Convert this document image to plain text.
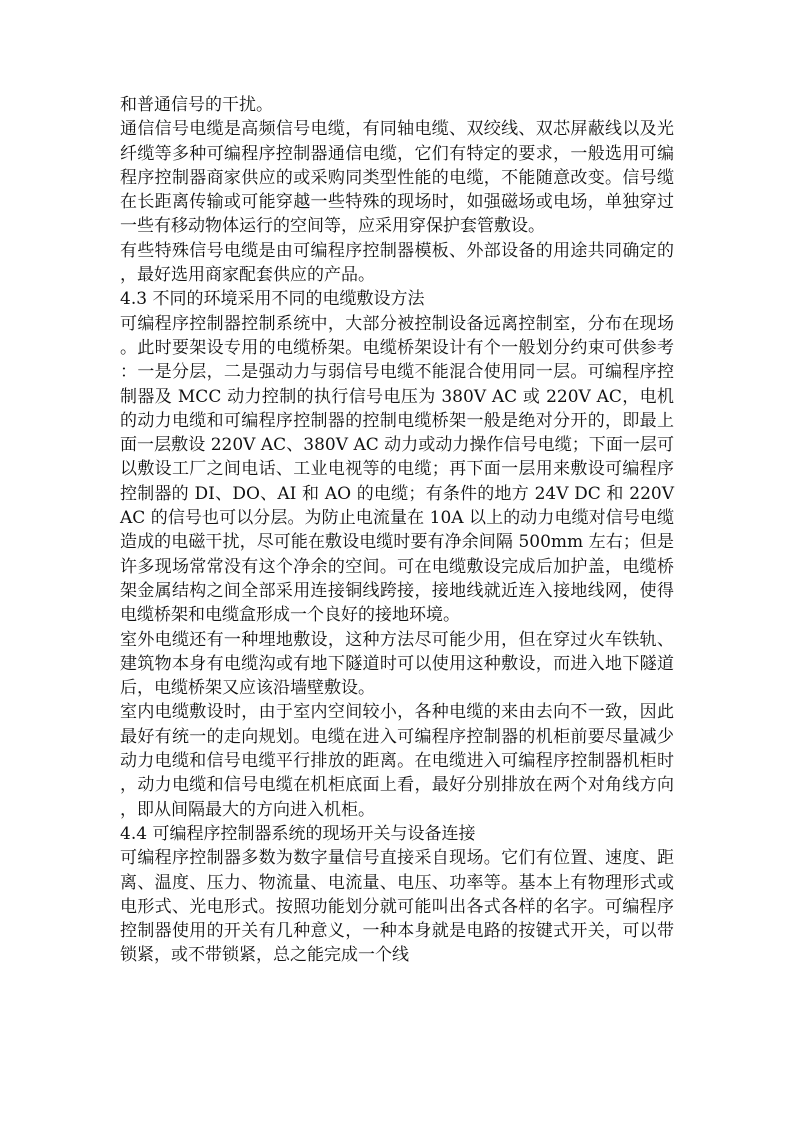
和普通信号的干扰。

通信信号电缆是高频信号电缆，有同轴电缆、双绞线、双芯屏蔽线以及光纤缆等多种可编程序控制器通信电缆，它们有特定的要求，一般选用可编程序控制器商家供应的或采购同类型性能的电缆，不能随意改变。信号缆在长距离传输或可能穿越一些特殊的现场时，如强磁场或电场，单独穿过一些有移动物体运行的空间等，应采用穿保护套管敷设。

有些特殊信号电缆是由可编程序控制器模板、外部设备的用途共同确定的，最好选用商家配套供应的产品。

4.3 不同的环境采用不同的电缆敷设方法

可编程序控制器控制系统中，大部分被控制设备远离控制室，分布在现场。此时要架设专用的电缆桥架。电缆桥架设计有个一般划分约束可供参考：一是分层，二是强动力与弱信号电缆不能混合使用同一层。可编程序控制器及 MCC 动力控制的执行信号电压为 380V AC 或 220V AC，电机的动力电缆和可编程序控制器的控制电缆桥架一般是绝对分开的，即最上面一层敷设 220V AC、380V AC 动力或动力操作信号电缆；下面一层可以敷设工厂之间电话、工业电视等的电缆；再下面一层用来敷设可编程序控制器的 DI、DO、AI 和 AO 的电缆；有条件的地方 24V DC 和 220VAC 的信号也可以分层。为防止电流量在 10A 以上的动力电缆对信号电缆造成的电磁干扰，尽可能在敷设电缆时要有净余间隔 500mm 左右；但是许多现场常常没有这个净余的空间。可在电缆敷设完成后加护盖，电缆桥架金属结构之间全部采用连接铜线跨接，接地线就近连入接地线网，使得电缆桥架和电缆盒形成一个良好的接地环境。

室外电缆还有一种埋地敷设，这种方法尽可能少用，但在穿过火车铁轨、建筑物本身有电缆沟或有地下隧道时可以使用这种敷设，而进入地下隧道后，电缆桥架又应该沿墙壁敷设。

室内电缆敷设时，由于室内空间较小，各种电缆的来由去向不一致，因此最好有统一的走向规划。电缆在进入可编程序控制器的机柜前要尽量减少动力电缆和信号电缆平行排放的距离。在电缆进入可编程序控制器机柜时，动力电缆和信号电缆在机柜底面上看，最好分别排放在两个对角线方向，即从间隔最大的方向进入机柜。

4.4 可编程序控制器系统的现场开关与设备连接

可编程序控制器多数为数字量信号直接采自现场。它们有位置、速度、距离、温度、压力、物流量、电流量、电压、功率等。基本上有物理形式或电形式、光电形式。按照功能划分就可能叫出各式各样的名字。可编程序控制器使用的开关有几种意义，一种本身就是电路的按键式开关，可以带锁紧，或不带锁紧，总之能完成一个线
